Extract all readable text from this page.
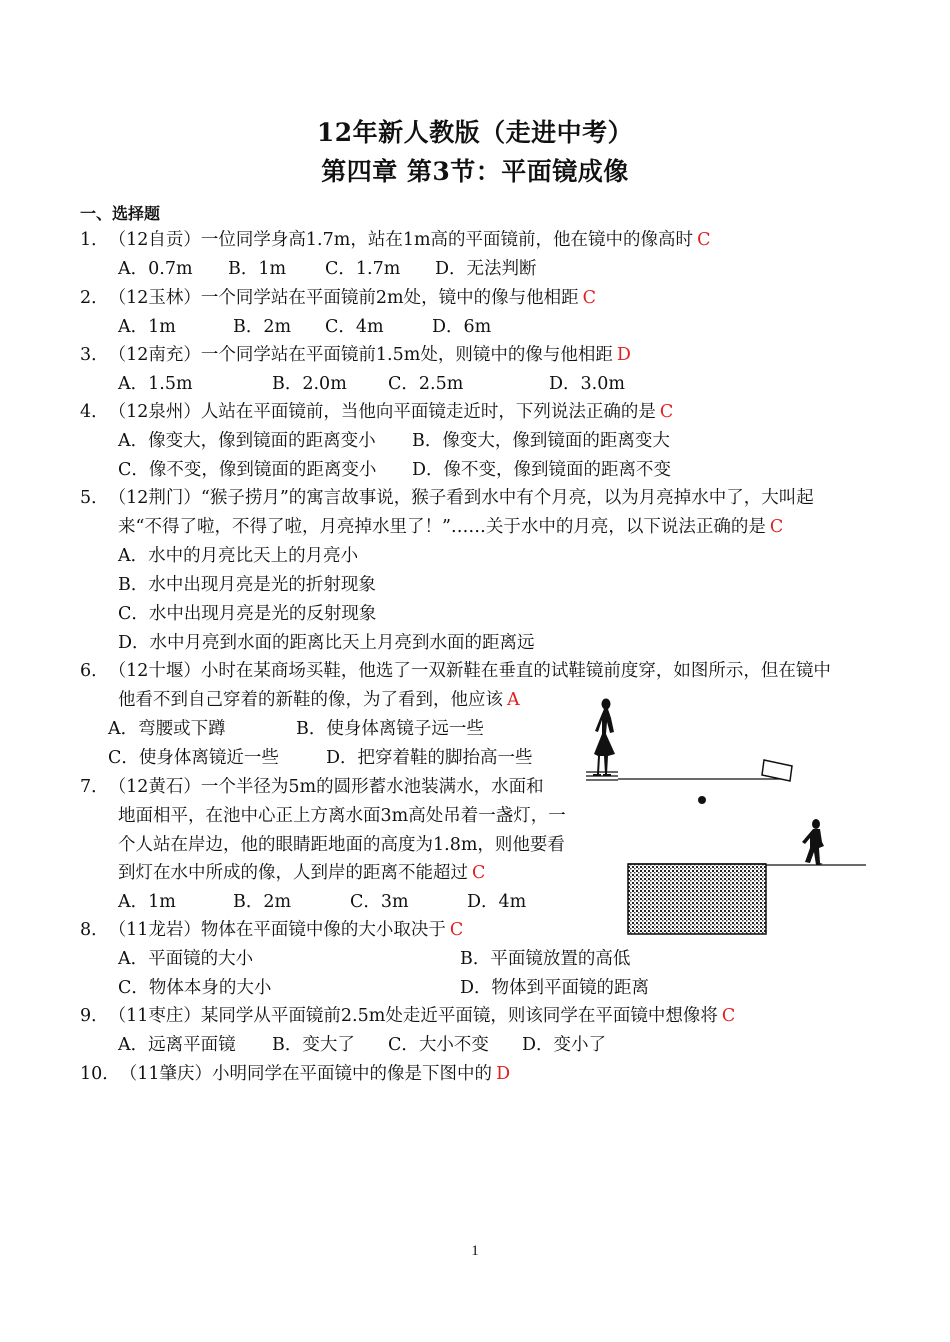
12年新人教版（走进中考）
第四章 第3节：平面镜成像
一、选择题
1．（12自贡）一位同学身高1.7m，站在1m高的平面镜前，他在镜中的像高时 C
A．0.7m B．1m C．1.7m D．无法判断
2．（12玉林）一个同学站在平面镜前2m处，镜中的像与他相距 C
A．1m	B．2m C．4m	D．6m
3．（12南充）一个同学站在平面镜前1.5m处，则镜中的像与他相距 D
A．1.5m	B．2.0m C．2.5m	D．3.0m
4．（12泉州）人站在平面镜前，当他向平面镜走近时，下列说法正确的是 C
A．像变大，像到镜面的距离变小 B．像变大，像到镜面的距离变大
C．像不变，像到镜面的距离变小 D．像不变，像到镜面的距离不变
5．（12荆门）“猴子捞月”的寓言故事说，猴子看到水中有个月亮，以为月亮掉水中了，大叫起
来“不得了啦，不得了啦，月亮掉水里了！”……关于水中的月亮，以下说法正确的是 C
A．水中的月亮比天上的月亮小
B．水中出现月亮是光的折射现象
C．水中出现月亮是光的反射现象
D．水中月亮到水面的距离比天上月亮到水面的距离远
6．（12十堰）小时在某商场买鞋，他选了一双新鞋在垂直的试鞋镜前度穿，如图所示，但在镜中
他看不到自己穿着的新鞋的像，为了看到，他应该 A
A．弯腰或下蹲	B．使身体离镜子远一些
C．使身体离镜近一些	D．把穿着鞋的脚抬高一些
7．（12黄石）一个半径为5m的圆形蓄水池装满水，水面和
地面相平，在池中心正上方离水面3m高处吊着一盏灯，一
个人站在岸边，他的眼睛距地面的高度为1.8m，则他要看
到灯在水中所成的像，人到岸的距离不能超过 C
A．1m	B．2m	C．3m	D．4m
8．（11龙岩）物体在平面镜中像的大小取决于 C
A．平面镜的大小	B．平面镜放置的高低
C．物体本身的大小	D．物体到平面镜的距离
9．（11枣庄）某同学从平面镜前2.5m处走近平面镜，则该同学在平面镜中想像将 C
A．远离平面镜 B．变大了 C．大小不变 D．变小了
10．（11肇庆）小明同学在平面镜中的像是下图中的 D
1
